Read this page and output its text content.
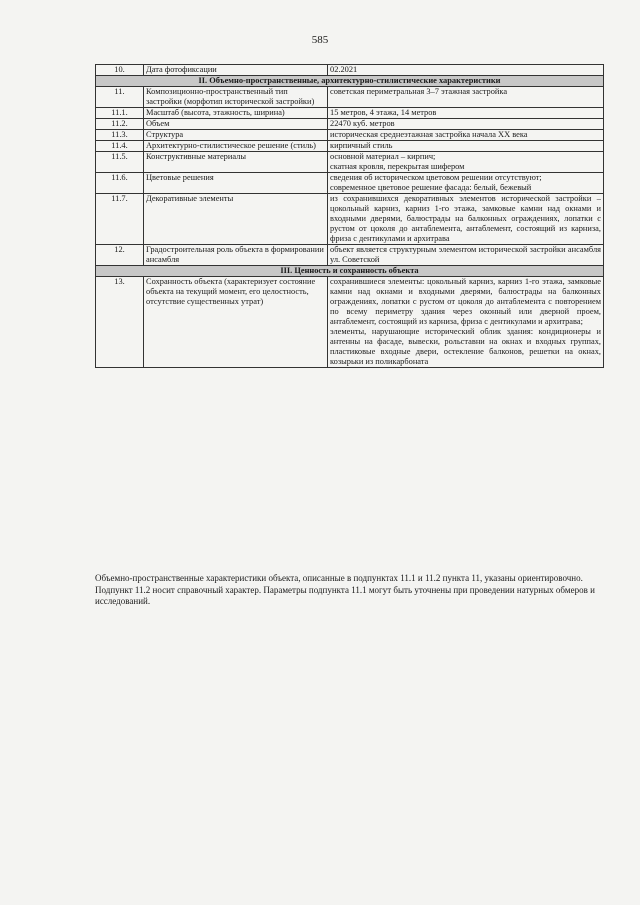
585
10.	Дата фотофиксации	02.2021

II. Объемно-пространственные, архитектурно-стилистические характеристики		
11.	Композиционно-пространственный тип застройки (морфотип исторической застройки)	советская периметральная 3–7 этажная застройка

11.1.	Масштаб (высота, этажность, ширина)	15 метров, 4 этажа, 14 метров

11.2.	Объем	22470 куб. метров

11.3.	Структура	историческая среднеэтажная застройка начала XX века

11.4.	Архитектурно-стилистическое решение (стиль)	кирпичный стиль

11.5.	Конструктивные материалы	основной материал – кирпич;
скатная кровля, перекрытая шифером

11.6.	Цветовые решения	сведения об историческом цветовом решении отсутствуют;
современное цветовое решение фасада: белый, бежевый

11.7.	Декоративные элементы	из сохранившихся декоративных элементов исторической застройки – цокольный карниз, карниз 1-го этажа, замковые камни над окнами и входными дверями, балюстрады на балконных ограждениях, лопатки с рустом от цоколя до антаблемента, антаблемент, состоящий из карниза, фриза с дентикулами и архитрава

12.	Градостроительная роль объекта в формировании ансамбля	объект является структурным элементом исторической застройки ансамбля ул. Советской

III. Ценность и сохранность объекта		
13.	Сохранность объекта (характеризует состояние объекта на текущий момент, его целостность, отсутствие существенных утрат)	сохранившиеся элементы: цокольный карниз, карниз 1-го этажа, замковые камни над окнами и входными дверями, балюстрады на балконных ограждениях, лопатки с рустом от цоколя до антаблемента с повторением по всему периметру здания через оконный или дверной проем, антаблемент, состоящий из карниза, фриза с дентикулами и архитрава;
элементы, нарушающие исторический облик здания: кондиционеры и антенны на фасаде, вывески, рольставни на окнах и входных группах, пластиковые входные двери, остекление балконов, решетки на окнах, козырьки из поликарбоната

Объемно-пространственные характеристики объекта, описанные в подпунктах 11.1 и 11.2 пункта 11, указаны ориентировочно. Подпункт 11.2 носит справочный характер. Параметры подпункта 11.1 могут быть уточнены при проведении натурных обмеров и исследований.
